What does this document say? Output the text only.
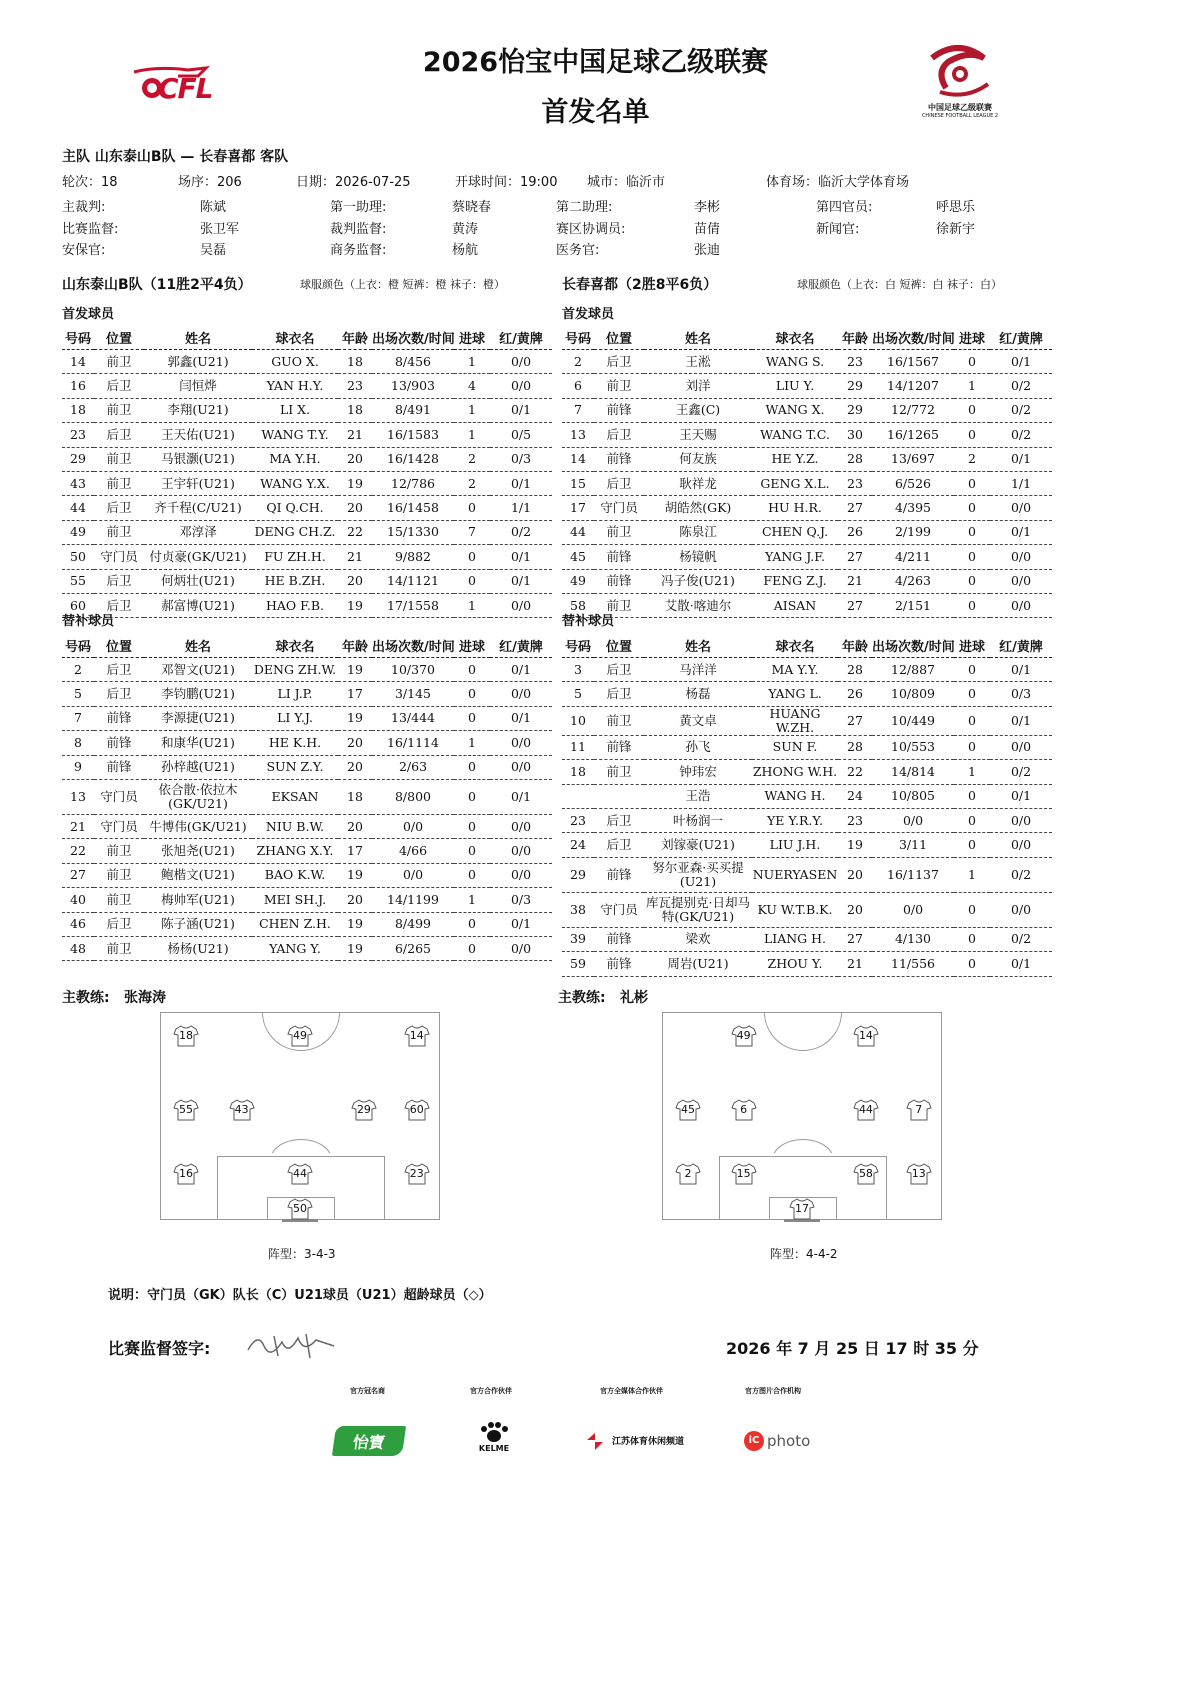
CFL
2026怡宝中国足球乙级联赛
首发名单	中国足球乙级联赛
CHINESE FOOTBALL LEAGUE 2
主队 山东泰山B队 — 长春喜都 客队
轮次：18	场序：206	日期：2026-07-25	开球时间：19:00 城市：临沂市	体育场：临沂大学体育场
主裁判:	陈斌	第一助理:	蔡晓春	第二助理:	李彬	第四官员:	呼思乐
比赛监督:	张卫军	裁判监督:	黄涛	赛区协调员:	苗倩	新闻官:	徐新宇
安保官:	吴磊	商务监督:	杨航	医务官:	张迪
山东泰山B队（11胜2平4负）	球服颜色（上衣：橙 短裤：橙 袜子：橙）	长春喜都（2胜8平6负）	球服颜色（上衣：白 短裤：白 袜子：白）
首发球员	首发球员
号码	位置	姓名	球衣名	年龄	出场次数/时间	进球	红/黄牌
14	前卫	郭鑫(U21)	GUO X.	18	8/456	1	0/0
16	后卫	闫恒烨	YAN H.Y.	23	13/903	4	0/0
18	前卫	李翔(U21)	LI X.	18	8/491	1	0/1
23	后卫	王天佑(U21)	WANG T.Y.	21	16/1583	1	0/5
29	前卫	马银灏(U21)	MA Y.H.	20	16/1428	2	0/3
43	前卫	王宇轩(U21)	WANG Y.X.	19	12/786	2	0/1
44	后卫	齐千程(C/U21)	QI Q.CH.	20	16/1458	0	1/1
49	前卫	邓淳泽	DENG CH.Z.	22	15/1330	7	0/2
50	守门员	付贞豪(GK/U21)	FU ZH.H.	21	9/882	0	0/1
55	后卫	何炳壮(U21)	HE B.ZH.	20	14/1121	0	0/1
60	后卫	郝富博(U21)	HAO F.B.	19	17/1558	1	0/0
号码	位置	姓名	球衣名	年龄	出场次数/时间	进球	红/黄牌
2	后卫	王淞	WANG S.	23	16/1567	0	0/1
6	前卫	刘洋	LIU Y.	29	14/1207	1	0/2
7	前锋	王鑫(C)	WANG X.	29	12/772	0	0/2
13	后卫	王天赐	WANG T.C.	30	16/1265	0	0/2
14	前锋	何友族	HE Y.Z.	28	13/697	2	0/1
15	后卫	耿祥龙	GENG X.L.	23	6/526	0	1/1
17	守门员	胡皓然(GK)	HU H.R.	27	4/395	0	0/0
44	前卫	陈泉江	CHEN Q.J.	26	2/199	0	0/1
45	前锋	杨镜帆	YANG J.F.	27	4/211	0	0/0
49	前锋	冯子俊(U21)	FENG Z.J.	21	4/263	0	0/0
58	前卫	艾散·喀迪尔	AISAN	27	2/151	0	0/0
替补球员	替补球员
号码	位置	姓名	球衣名	年龄	出场次数/时间	进球	红/黄牌
2	后卫	邓智文(U21)	DENG ZH.W.	19	10/370	0	0/1
5	后卫	李钧鹏(U21)	LI J.P.	17	3/145	0	0/0
7	前锋	李源捷(U21)	LI Y.J.	19	13/444	0	0/1
8	前锋	和康华(U21)	HE K.H.	20	16/1114	1	0/0
9	前锋	孙梓越(U21)	SUN Z.Y.	20	2/63	0	0/0
13	守门员	依合散·依拉木(GK/U21)	EKSAN	18	8/800	0	0/1
21	守门员	牛博伟(GK/U21)	NIU B.W.	20	0/0	0	0/0
22	前卫	张旭尧(U21)	ZHANG X.Y.	17	4/66	0	0/0
27	前卫	鲍楷文(U21)	BAO K.W.	19	0/0	0	0/0
40	前卫	梅帅军(U21)	MEI SH.J.	20	14/1199	1	0/3
46	后卫	陈子涵(U21)	CHEN Z.H.	19	8/499	0	0/1
48	前卫	杨杨(U21)	YANG Y.	19	6/265	0	0/0
号码	位置	姓名	球衣名	年龄	出场次数/时间	进球	红/黄牌
3	后卫	马洋洋	MA Y.Y.	28	12/887	0	0/1
5	后卫	杨磊	YANG L.	26	10/809	0	0/3
10	前卫	黄文卓	HUANG W.ZH.	27	10/449	0	0/1
11	前锋	孙飞	SUN F.	28	10/553	0	0/0
18	前卫	钟玮宏	ZHONG W.H.	22	14/814	1	0/2
		王浩	WANG H.	24	10/805	0	0/1
23	后卫	叶杨润一	YE Y.R.Y.	23	0/0	0	0/0
24	后卫	刘镓豪(U21)	LIU J.H.	19	3/11	0	0/0
29	前锋	努尔亚森·买买提(U21)	NUERYASEN	20	16/1137	1	0/2
38	守门员	库瓦提别克·日却马特(GK/U21)	KU W.T.B.K.	20	0/0	0	0/0
39	前锋	梁欢	LIANG H.	27	4/130	0	0/2
59	前锋	周岩(U21)	ZHOU Y.	21	11/556	0	0/1
主教练: 张海涛	主教练: 礼彬
18	49	14
55	43	29	60
16	44	23
50
阵型：3-4-3
49	14
45	6	44	7
2	15	58	13
17
阵型：4-4-2
说明：守门员（GK）队长（C）U21球员（U21）超龄球员（◇）
比赛监督签字:	2026 年 7 月 25 日 17 时 35 分
官方冠名商	官方合作伙伴	官方全媒体合作伙伴	官方图片合作机构
怡寶	KELME
江苏体育休闲频道	iC photo
